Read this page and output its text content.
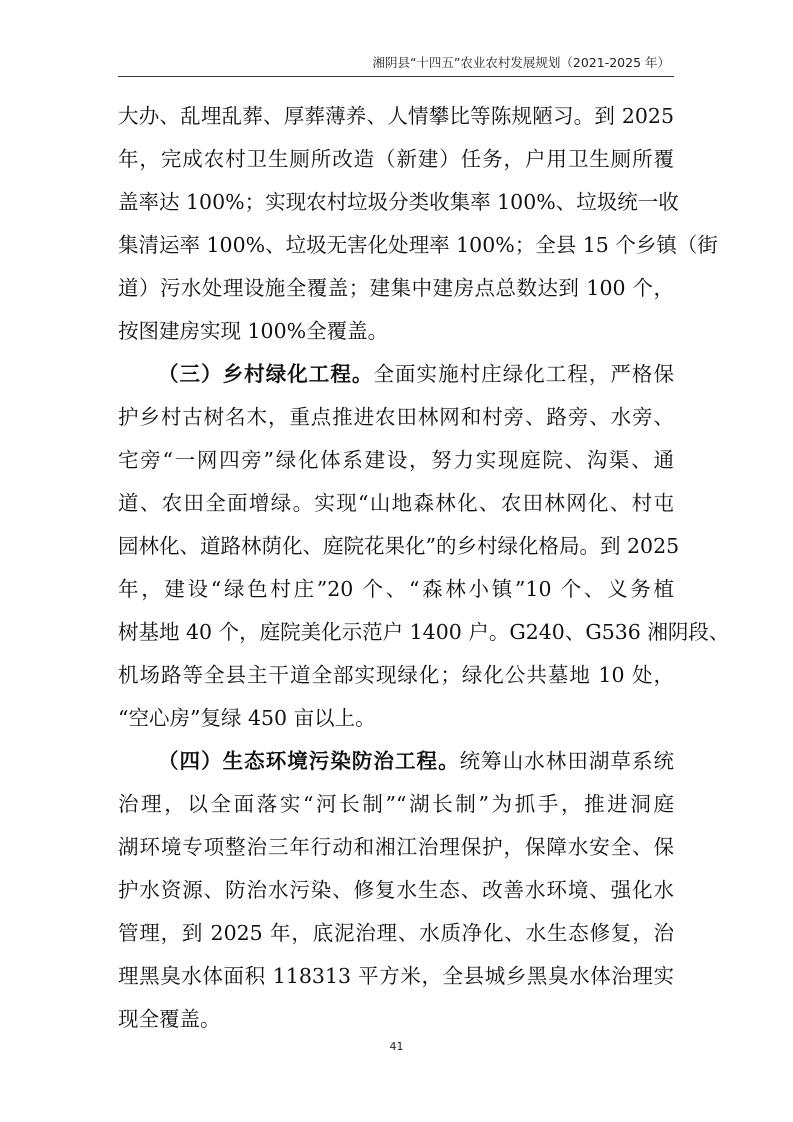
湘阴县“十四五”农业农村发展规划（2021-2025 年）
大办、乱埋乱葬、厚葬薄养、人情攀比等陈规陋习。到 2025
年，完成农村卫生厕所改造（新建）任务，户用卫生厕所覆
盖率达 100%；实现农村垃圾分类收集率 100%、垃圾统一收
集清运率 100%、垃圾无害化处理率 100%；全县 15 个乡镇（街
道）污水处理设施全覆盖；建集中建房点总数达到 100 个，
按图建房实现 100%全覆盖。
（三）乡村绿化工程。全面实施村庄绿化工程，严格保
护乡村古树名木，重点推进农田林网和村旁、路旁、水旁、
宅旁“一网四旁”绿化体系建设，努力实现庭院、沟渠、通
道、农田全面增绿。实现“山地森林化、农田林网化、村屯
园林化、道路林荫化、庭院花果化”的乡村绿化格局。到 2025
年，建设“绿色村庄”20 个、“森林小镇”10 个、义务植
树基地 40 个，庭院美化示范户 1400 户。G240、G536 湘阴段、
机场路等全县主干道全部实现绿化；绿化公共墓地 10 处，
“空心房”复绿 450 亩以上。
（四）生态环境污染防治工程。统筹山水林田湖草系统
治理，以全面落实“河长制”“湖长制”为抓手，推进洞庭
湖环境专项整治三年行动和湘江治理保护，保障水安全、保
护水资源、防治水污染、修复水生态、改善水环境、强化水
管理，到 2025 年，底泥治理、水质净化、水生态修复，治
理黑臭水体面积 118313 平方米，全县城乡黑臭水体治理实
现全覆盖。
41
